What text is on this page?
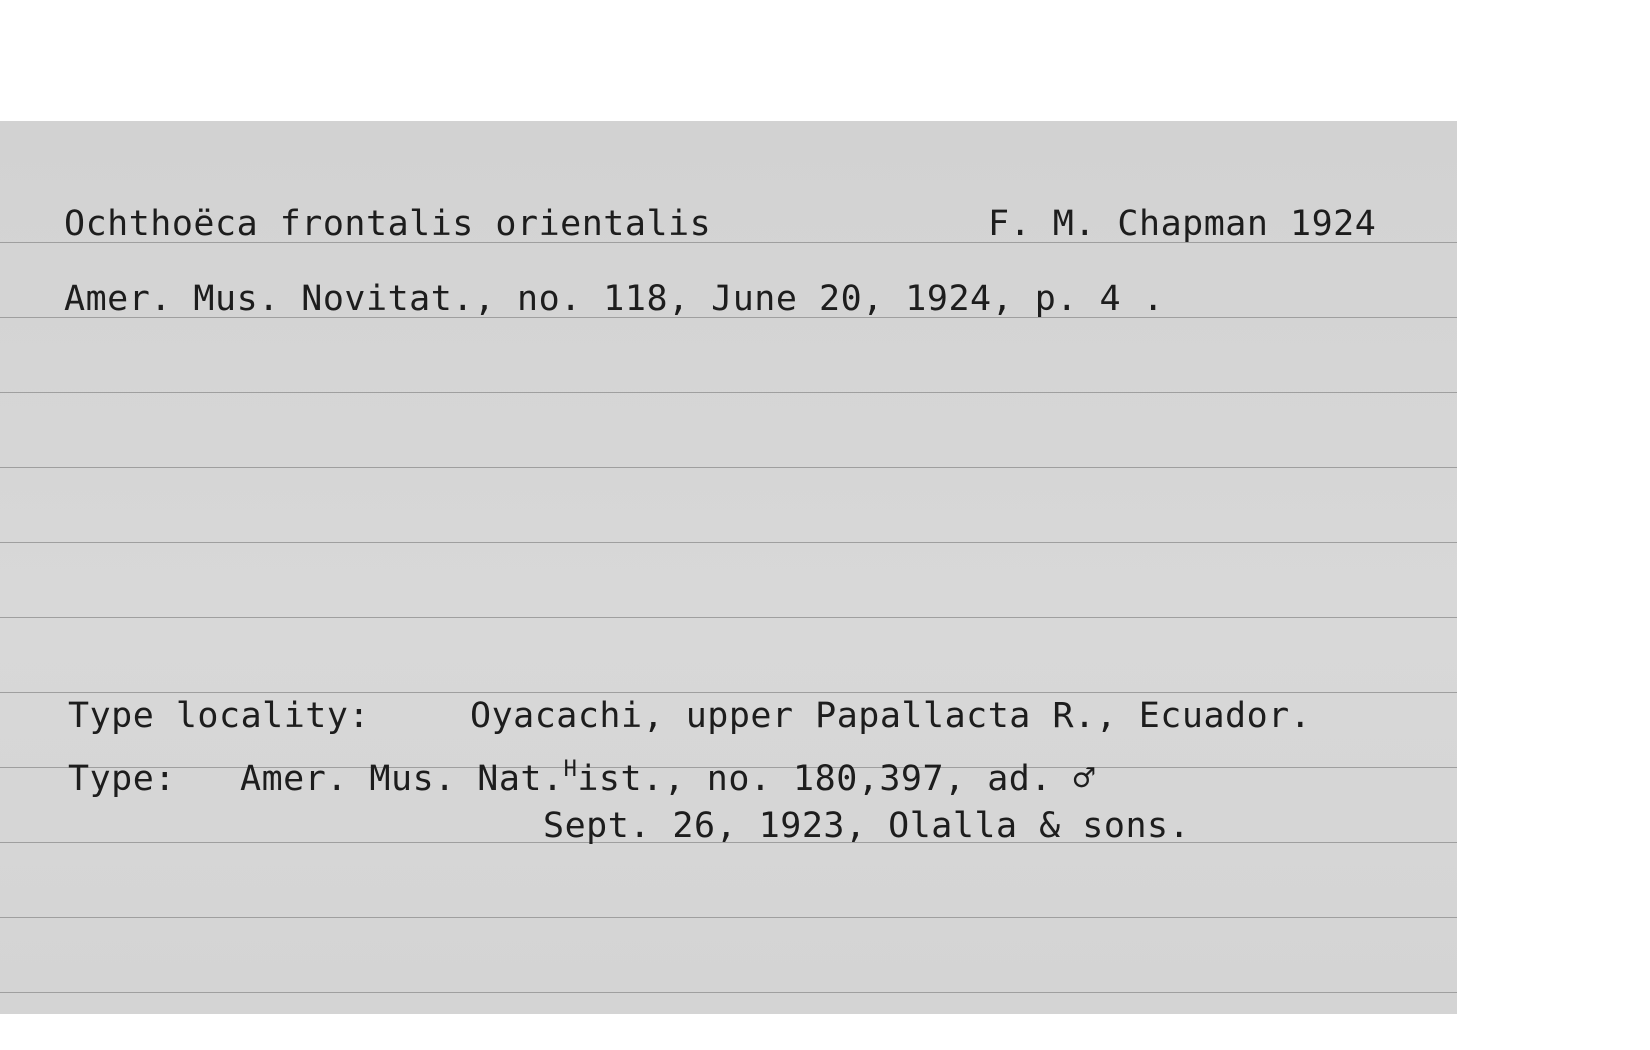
Ochthoëca frontalis orientalis	F. M. Chapman 1924
Amer. Mus. Novitat., no. 118, June 20, 1924, p. 4 .
Type locality:	Oyacachi, upper Papallacta R., Ecuador.
Type: Amer. Mus. Nat.$^H$ist., no. 180,397, ad. ♂
Sept. 26, 1923, Olalla & sons.
